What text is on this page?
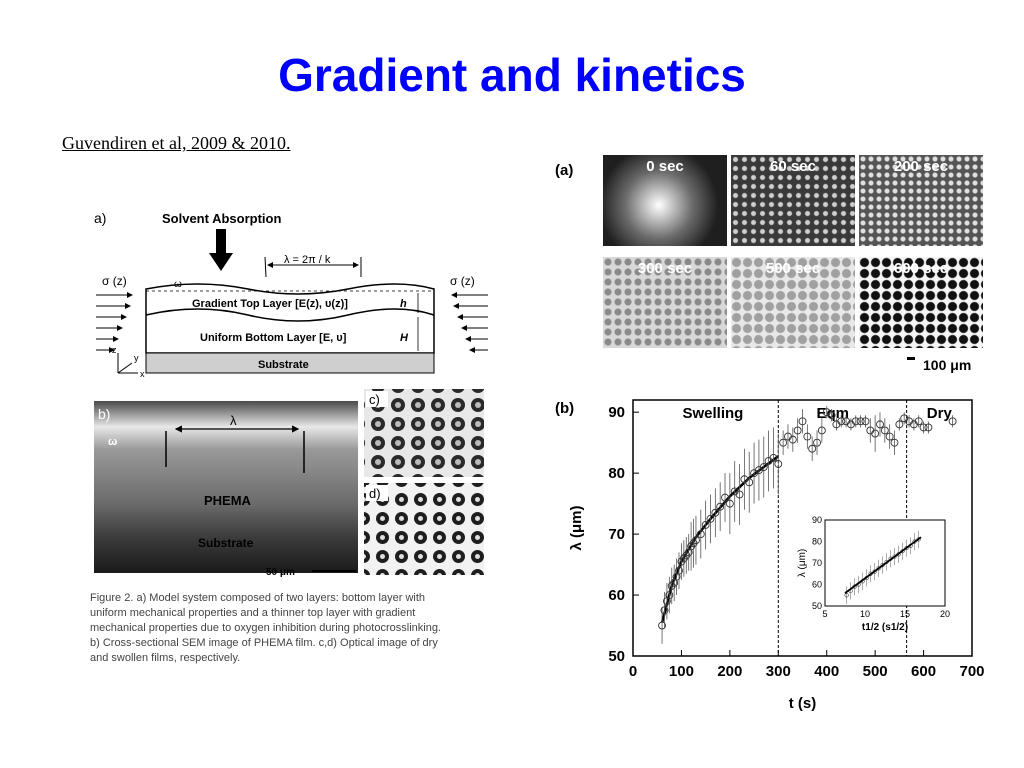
Gradient and kinetics
Guvendiren et al, 2009 & 2010.
a)	Solvent Absorption
λ = 2π / k
σ (z)	σ (z)
ω
Gradient Top Layer [E(z), υ(z)]
Uniform Bottom Layer [E, υ]
h
H
Substrate
z
y
x
b)	λ
ω
PHEMA
Substrate
50 μm
c)
d)
Figure 2. a) Model system composed of two layers: bottom layer with
uniform mechanical properties and a thinner top layer with gradient
mechanical properties due to oxygen inhibition during photocrosslinking.
b) Cross-sectional SEM image of PHEMA film. c,d) Optical image of dry
and swollen films, respectively.
(a)	0 sec	60 sec	200 sec
300 sec	500 sec	600 sec
100 μm
(b)
0 100 200 300 400 500 600 700
50
60
70
80
90
t (s)
λ (μm)
Swelling	Eqm	Dry
5	10	15	20
50
60
70
80
90
t1/2 (s1/2)
λ (μm)
